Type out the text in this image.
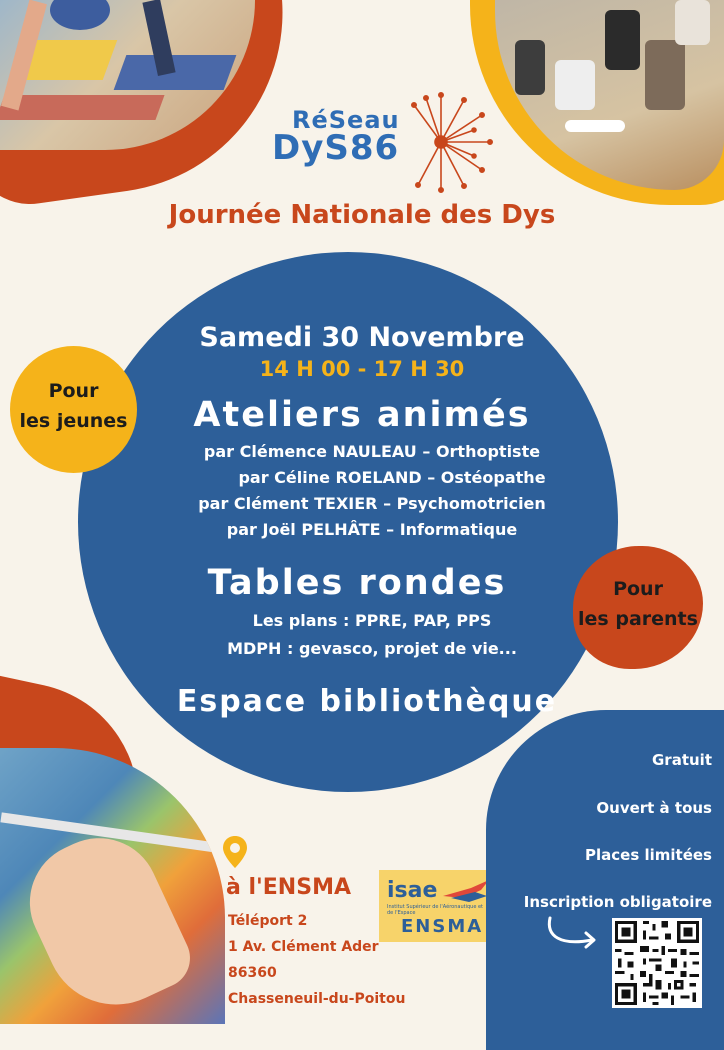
RéSeau
DyS86
Journée Nationale des Dys
Samedi 30 Novembre
14 H 00 - 17 H 30
Ateliers animés
par Clémence NAULEAU – Orthoptiste
par Céline ROELAND – Ostéopathe
par Clément TEXIER – Psychomotricien
par Joël PELHÂTE – Informatique
Tables rondes
Les plans : PPRE, PAP, PPS
MDPH : gevasco, projet de vie...
Espace bibliothèque
Pour
les jeunes
Pour
les parents
à l'ENSMA
Téléport 2
1 Av. Clément Ader
86360
Chasseneuil-du-Poitou
isae
Institut Supérieur de l'Aéronautique et de l'Espace
ENSMA
Gratuit
Ouvert à tous
Places limitées
Inscription obligatoire
